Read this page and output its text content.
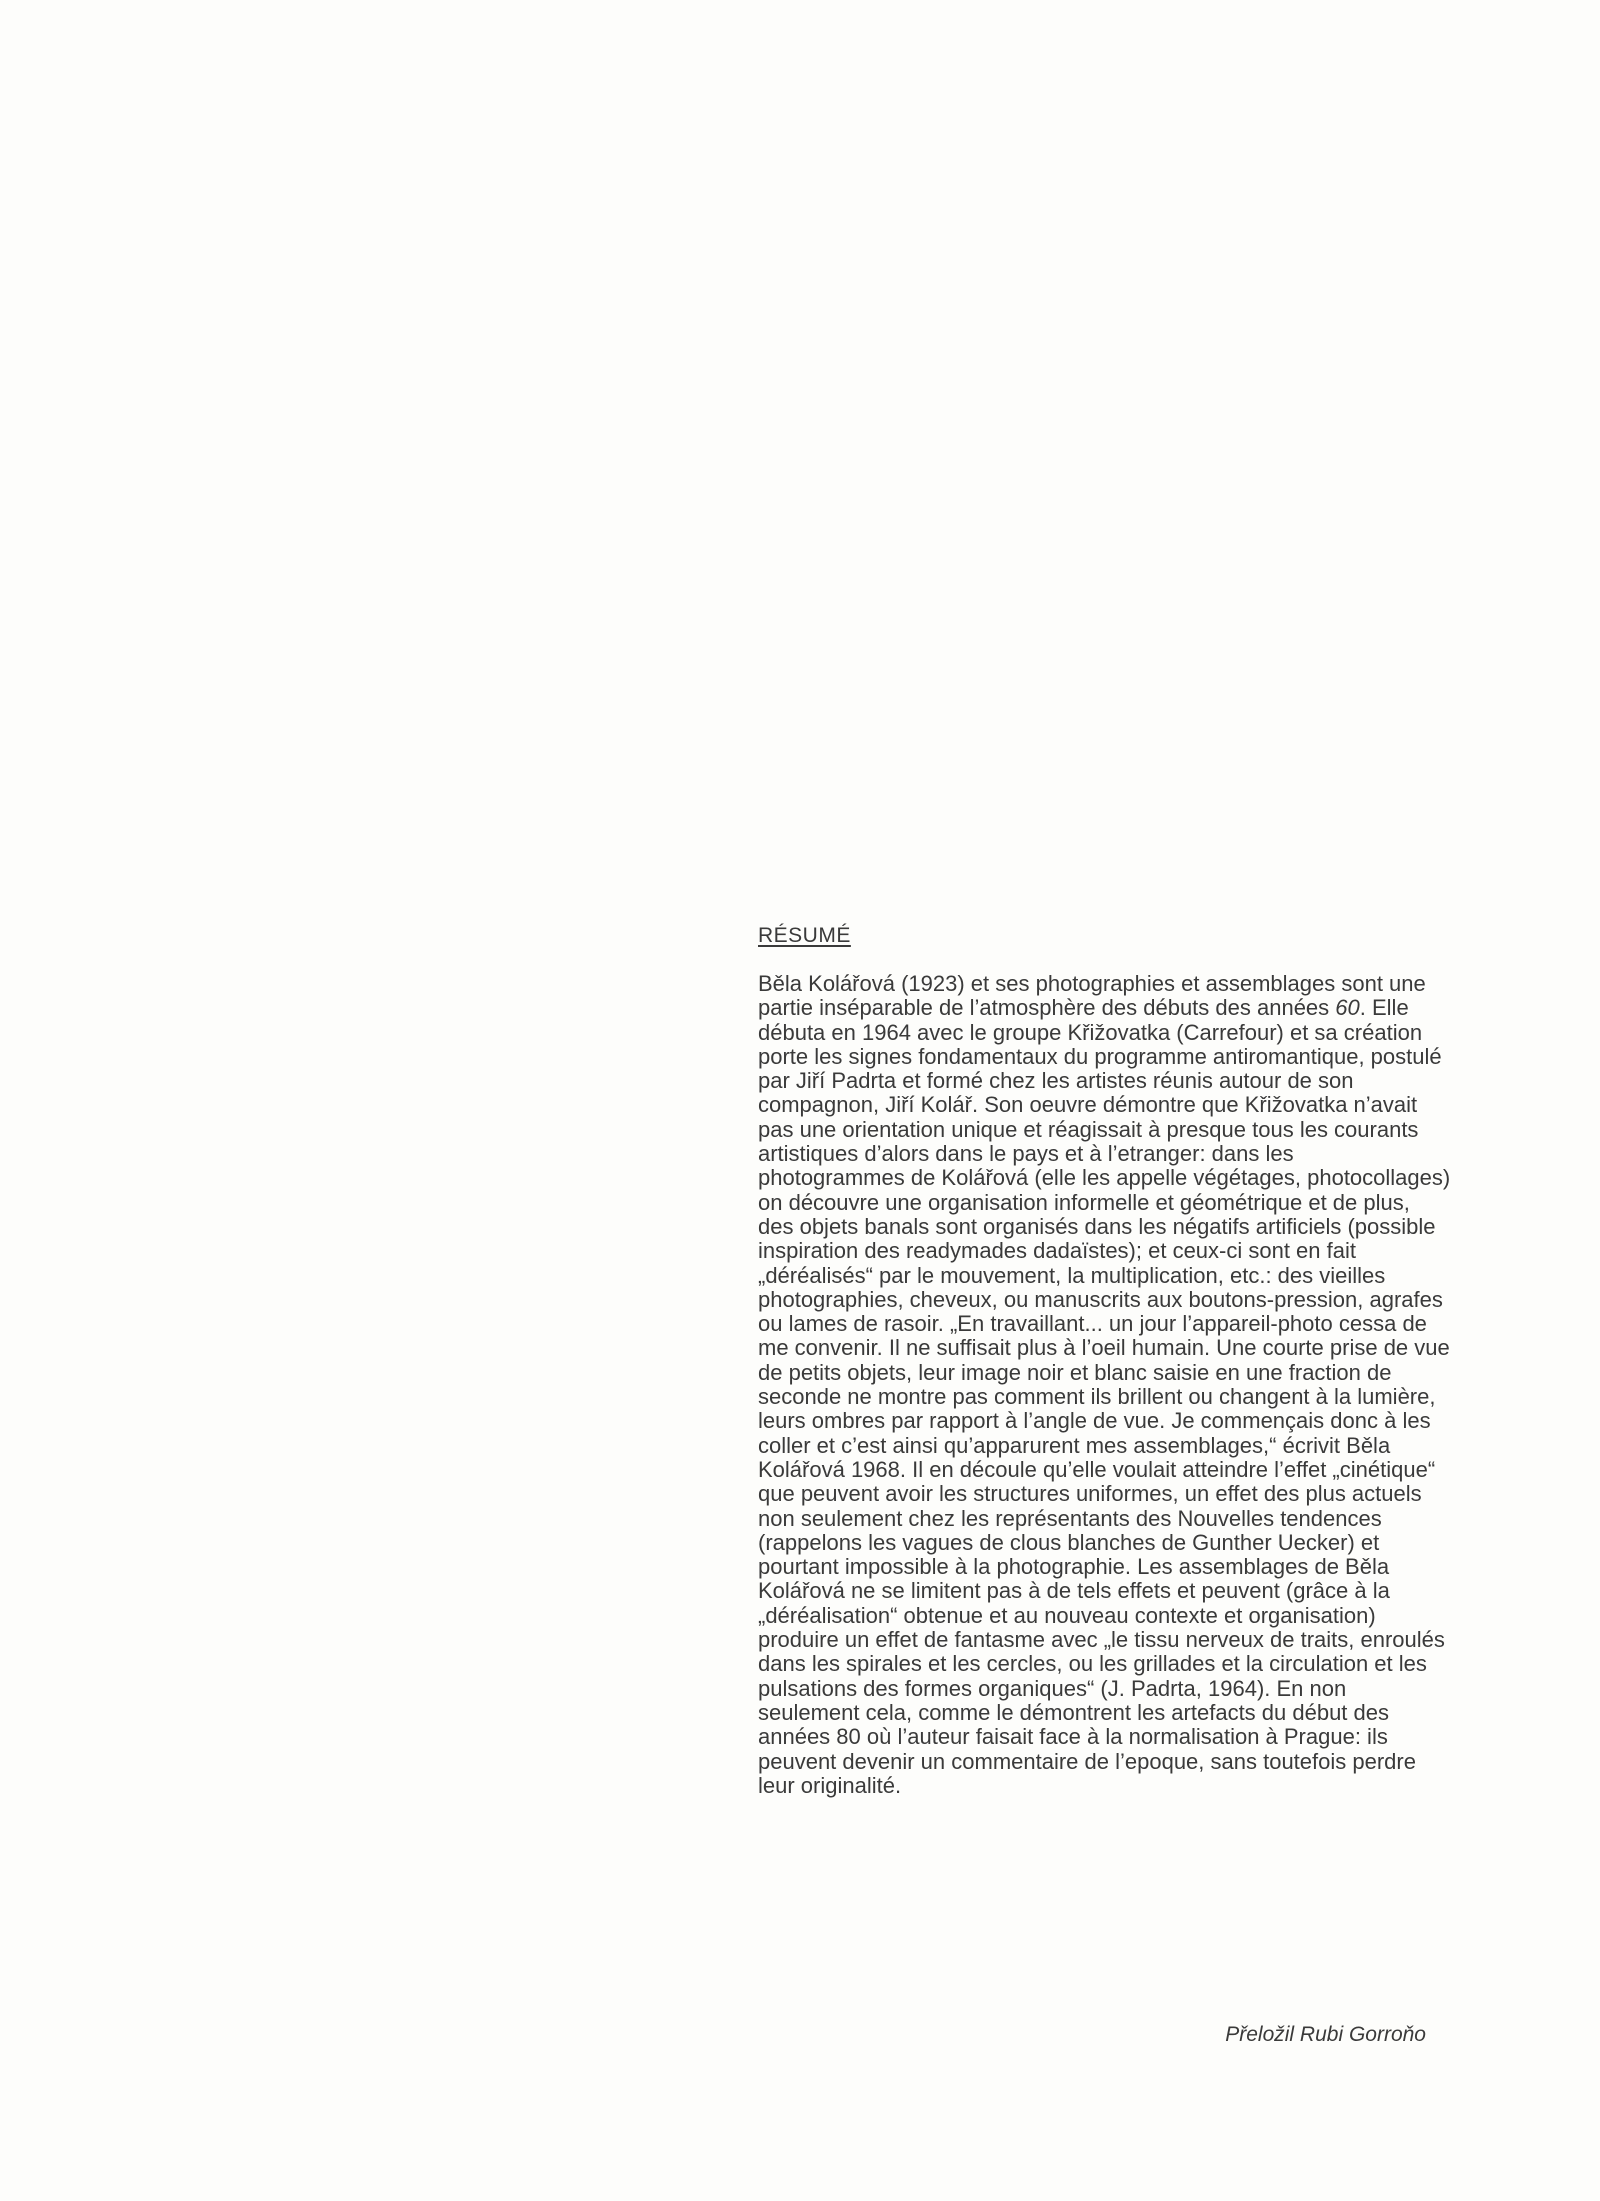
RÉSUMÉ

Běla Kolářová (1923) et ses photographies et assemblages sont une
partie inséparable de l’atmosphère des débuts des années 60. Elle
débuta en 1964 avec le groupe Křižovatka (Carrefour) et sa création
porte les signes fondamentaux du programme antiromantique, postulé
par Jiří Padrta et formé chez les artistes réunis autour de son
compagnon, Jiří Kolář. Son oeuvre démontre que Křižovatka n’avait
pas une orientation unique et réagissait à presque tous les courants
artistiques d’alors dans le pays et à l’etranger: dans les
photogrammes de Kolářová (elle les appelle végétages, photocollages)
on découvre une organisation informelle et géométrique et de plus,
des objets banals sont organisés dans les négatifs artificiels (possible
inspiration des readymades dadaïstes); et ceux-ci sont en fait
„déréalisés“ par le mouvement, la multiplication, etc.: des vieilles
photographies, cheveux, ou manuscrits aux boutons-pression, agrafes
ou lames de rasoir. „En travaillant... un jour l’appareil-photo cessa de
me convenir. Il ne suffisait plus à l’oeil humain. Une courte prise de vue
de petits objets, leur image noir et blanc saisie en une fraction de
seconde ne montre pas comment ils brillent ou changent à la lumière,
leurs ombres par rapport à l’angle de vue. Je commençais donc à les
coller et c’est ainsi qu’apparurent mes assemblages,“ écrivit Běla
Kolářová 1968. Il en découle qu’elle voulait atteindre l’effet „cinétique“
que peuvent avoir les structures uniformes, un effet des plus actuels
non seulement chez les représentants des Nouvelles tendences
(rappelons les vagues de clous blanches de Gunther Uecker) et
pourtant impossible à la photographie. Les assemblages de Běla
Kolářová ne se limitent pas à de tels effets et peuvent (grâce à la
„déréalisation“ obtenue et au nouveau contexte et organisation)
produire un effet de fantasme avec „le tissu nerveux de traits, enroulés
dans les spirales et les cercles, ou les grillades et la circulation et les
pulsations des formes organiques“ (J. Padrta, 1964). En non
seulement cela, comme le démontrent les artefacts du début des
années 80 où l’auteur faisait face à la normalisation à Prague: ils
peuvent devenir un commentaire de l’epoque, sans toutefois perdre
leur originalité.

Přeložil Rubi Gorroňo
